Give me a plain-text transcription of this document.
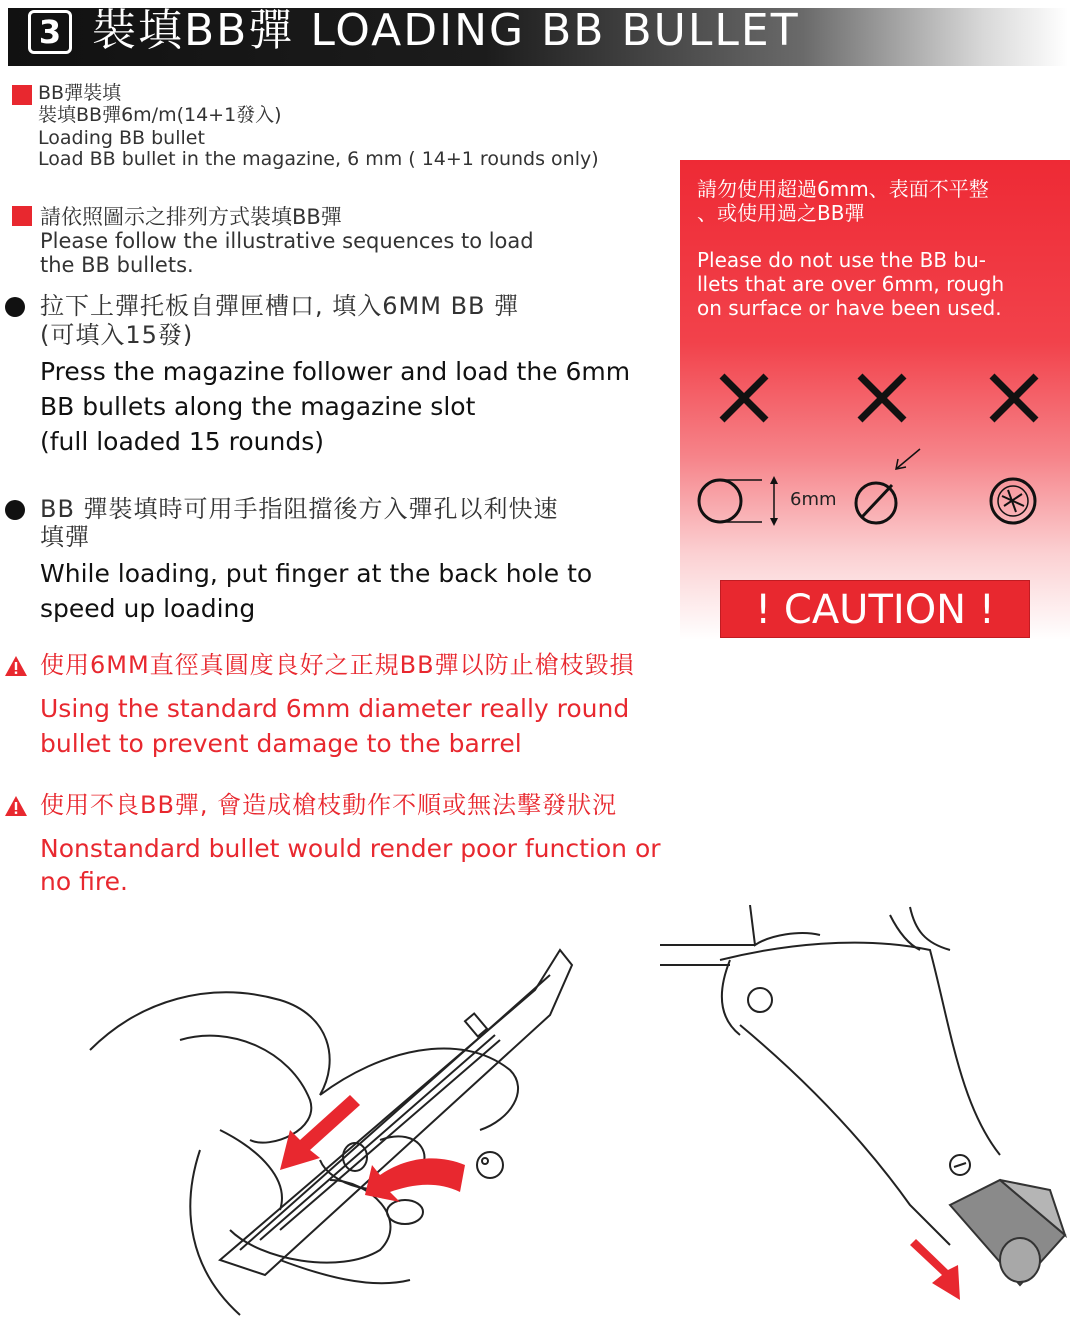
3 裝填BB彈 LOADING BB BULLET
BB彈裝填
裝填BB彈6m/m(14+1發入)
Loading BB bullet
Load BB bullet in the magazine, 6 mm ( 14+1 rounds only)
請依照圖示之排列方式裝填BB彈
Please follow the illustrative sequences to load
the BB bullets.
拉下上彈托板自彈匣槽口, 填入6MM BB 彈
(可填入15發)
Press the magazine follower and load the 6mm
BB bullets along the magazine slot
(full loaded 15 rounds)
BB 彈裝填時可用手指阻擋後方入彈孔以利快速
填彈
While loading, put finger at the back hole to
speed up loading
使用6MM直徑真圓度良好之正規BB彈以防止槍枝毀損
Using the standard 6mm diameter really round
bullet to prevent damage to the barrel
使用不良BB彈, 會造成槍枝動作不順或無法擊發狀況
Nonstandard bullet would render poor function or
no fire.
請勿使用超過6mm、表面不平整
、或使用過之BB彈
Please do not use the BB bu-
llets that are over 6mm, rough
on surface or have been used.
6mm
! CAUTION !
